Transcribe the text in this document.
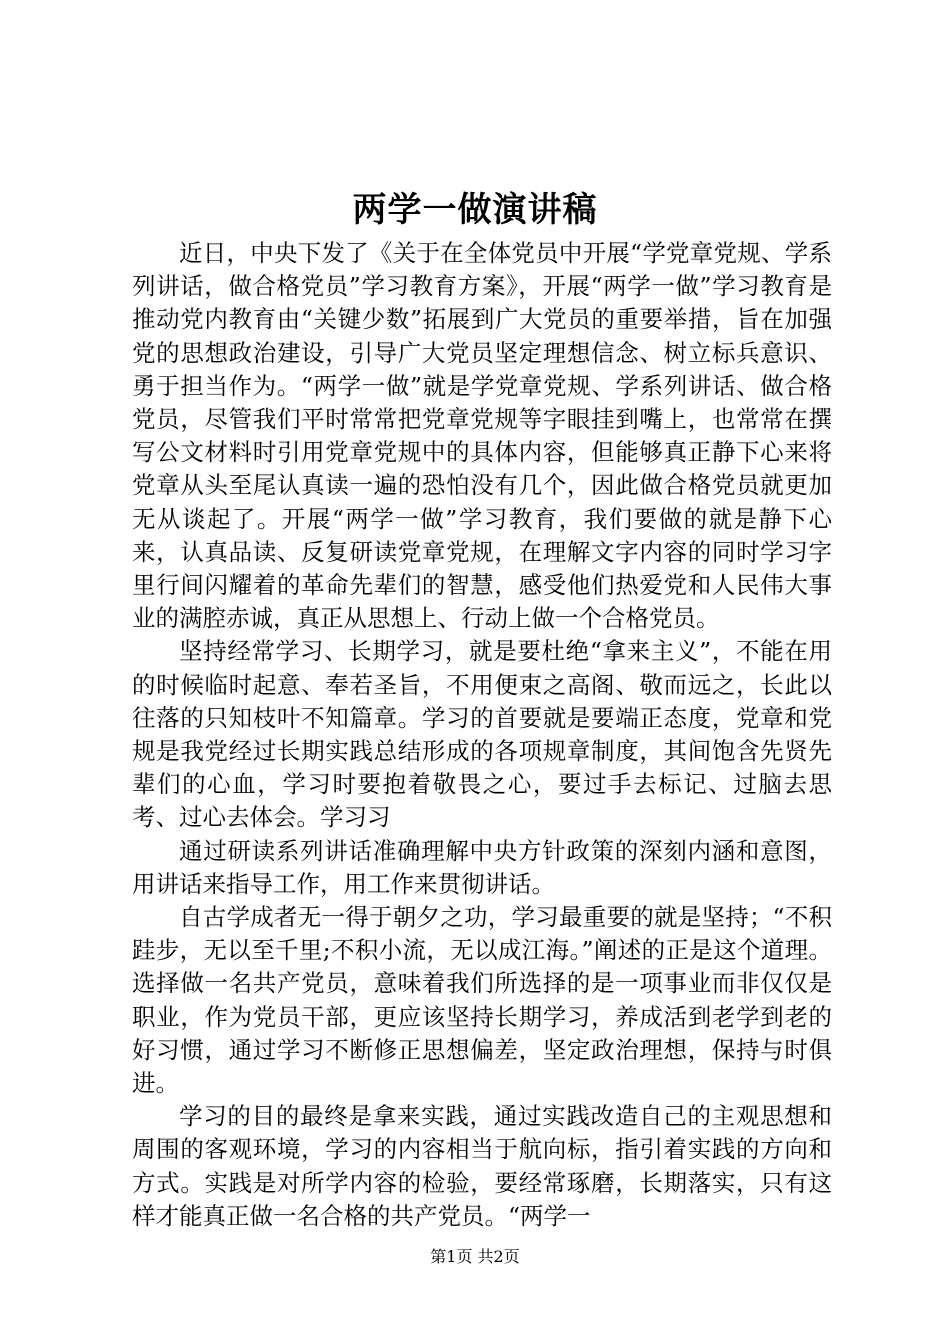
两学一做演讲稿

近日，中央下发了《关于在全体党员中开展“学党章党规、学系列讲话，做合格党员”学习教育方案》，开展“两学一做”学习教育是推动党内教育由“关键少数”拓展到广大党员的重要举措，旨在加强党的思想政治建设，引导广大党员坚定理想信念、树立标兵意识、勇于担当作为。“两学一做”就是学党章党规、学系列讲话、做合格党员，尽管我们平时常常把党章党规等字眼挂到嘴上，也常常在撰写公文材料时引用党章党规中的具体内容，但能够真正静下心来将党章从头至尾认真读一遍的恐怕没有几个，因此做合格党员就更加无从谈起了。开展“两学一做”学习教育，我们要做的就是静下心来，认真品读、反复研读党章党规，在理解文字内容的同时学习字里行间闪耀着的革命先辈们的智慧，感受他们热爱党和人民伟大事业的满腔赤诚，真正从思想上、行动上做一个合格党员。

坚持经常学习、长期学习，就是要杜绝“拿来主义”，不能在用的时候临时起意、奉若圣旨，不用便束之高阁、敬而远之，长此以往落的只知枝叶不知篇章。学习的首要就是要端正态度，党章和党规是我党经过长期实践总结形成的各项规章制度，其间饱含先贤先辈们的心血，学习时要抱着敬畏之心，要过手去标记、过脑去思考、过心去体会。学习习

通过研读系列讲话准确理解中央方针政策的深刻内涵和意图，用讲话来指导工作，用工作来贯彻讲话。

自古学成者无一得于朝夕之功，学习最重要的就是坚持；“不积跬步，无以至千里;不积小流，无以成江海。”阐述的正是这个道理。选择做一名共产党员，意味着我们所选择的是一项事业而非仅仅是职业，作为党员干部，更应该坚持长期学习，养成活到老学到老的好习惯，通过学习不断修正思想偏差，坚定政治理想，保持与时俱进。

学习的目的最终是拿来实践，通过实践改造自己的主观思想和周围的客观环境，学习的内容相当于航向标，指引着实践的方向和方式。实践是对所学内容的检验，要经常琢磨，长期落实，只有这样才能真正做一名合格的共产党员。“两学一

第1页 共2页
